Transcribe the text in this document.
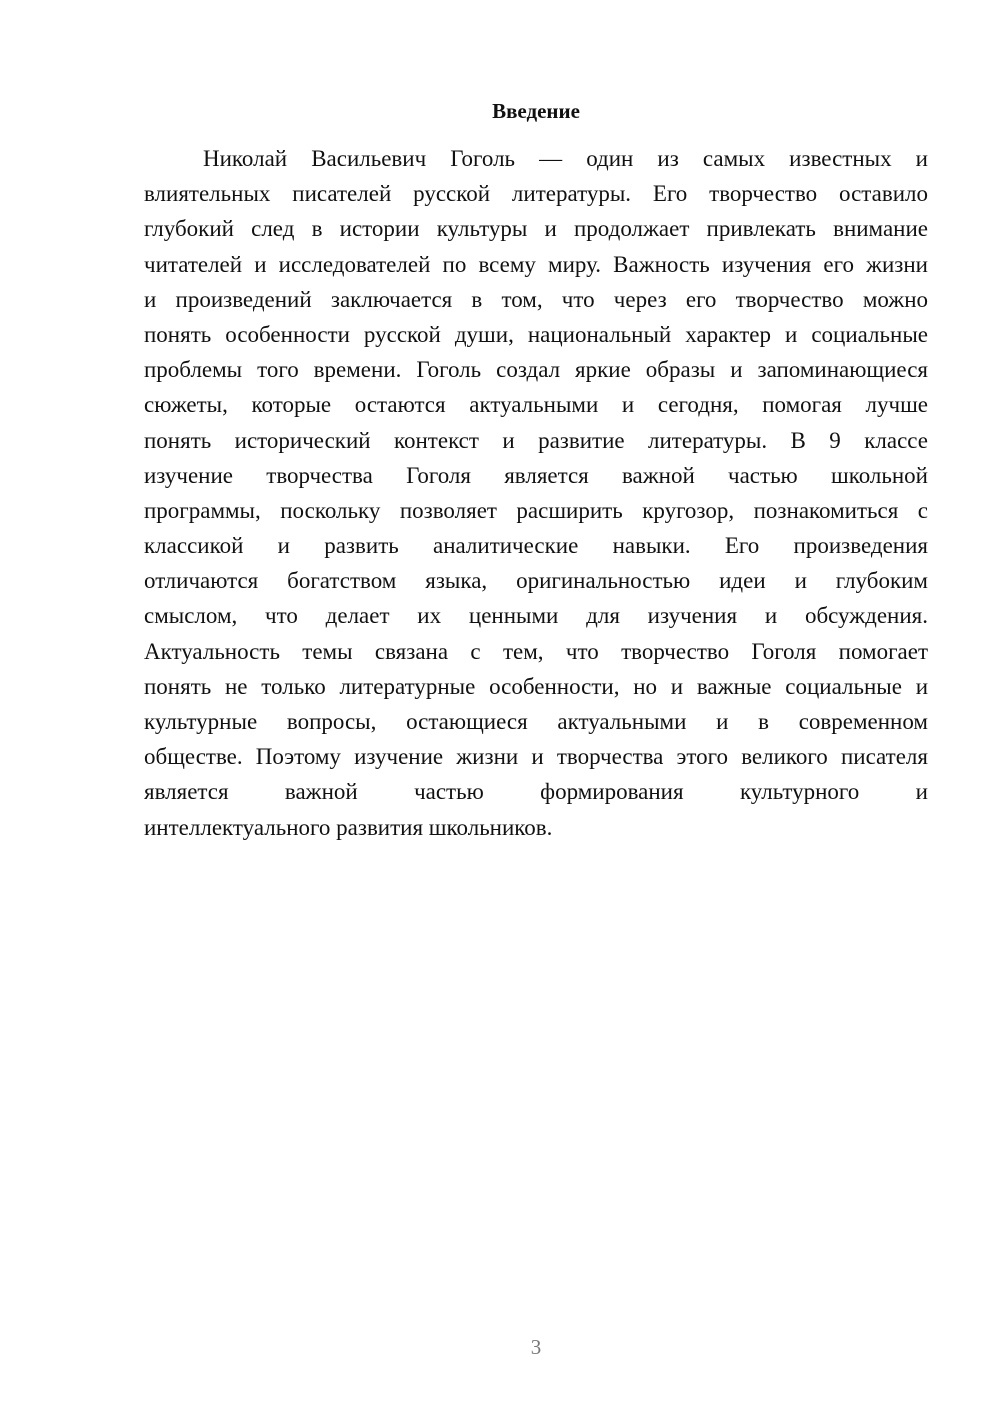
Введение
Николай Васильевич Гоголь — один из самых известных и
влиятельных писателей русской литературы. Его творчество оставило
глубокий след в истории культуры и продолжает привлекать внимание
читателей и исследователей по всему миру. Важность изучения его жизни
и произведений заключается в том, что через его творчество можно
понять особенности русской души, национальный характер и социальные
проблемы того времени. Гоголь создал яркие образы и запоминающиеся
сюжеты, которые остаются актуальными и сегодня, помогая лучше
понять исторический контекст и развитие литературы. В 9 классе
изучение творчества Гоголя является важной частью школьной
программы, поскольку позволяет расширить кругозор, познакомиться с
классикой и развить аналитические навыки. Его произведения
отличаются богатством языка, оригинальностью идеи и глубоким
смыслом, что делает их ценными для изучения и обсуждения.
Актуальность темы связана с тем, что творчество Гоголя помогает
понять не только литературные особенности, но и важные социальные и
культурные вопросы, остающиеся актуальными и в современном
обществе. Поэтому изучение жизни и творчества этого великого писателя
является важной частью формирования культурного и
интеллектуального развития школьников.
3
